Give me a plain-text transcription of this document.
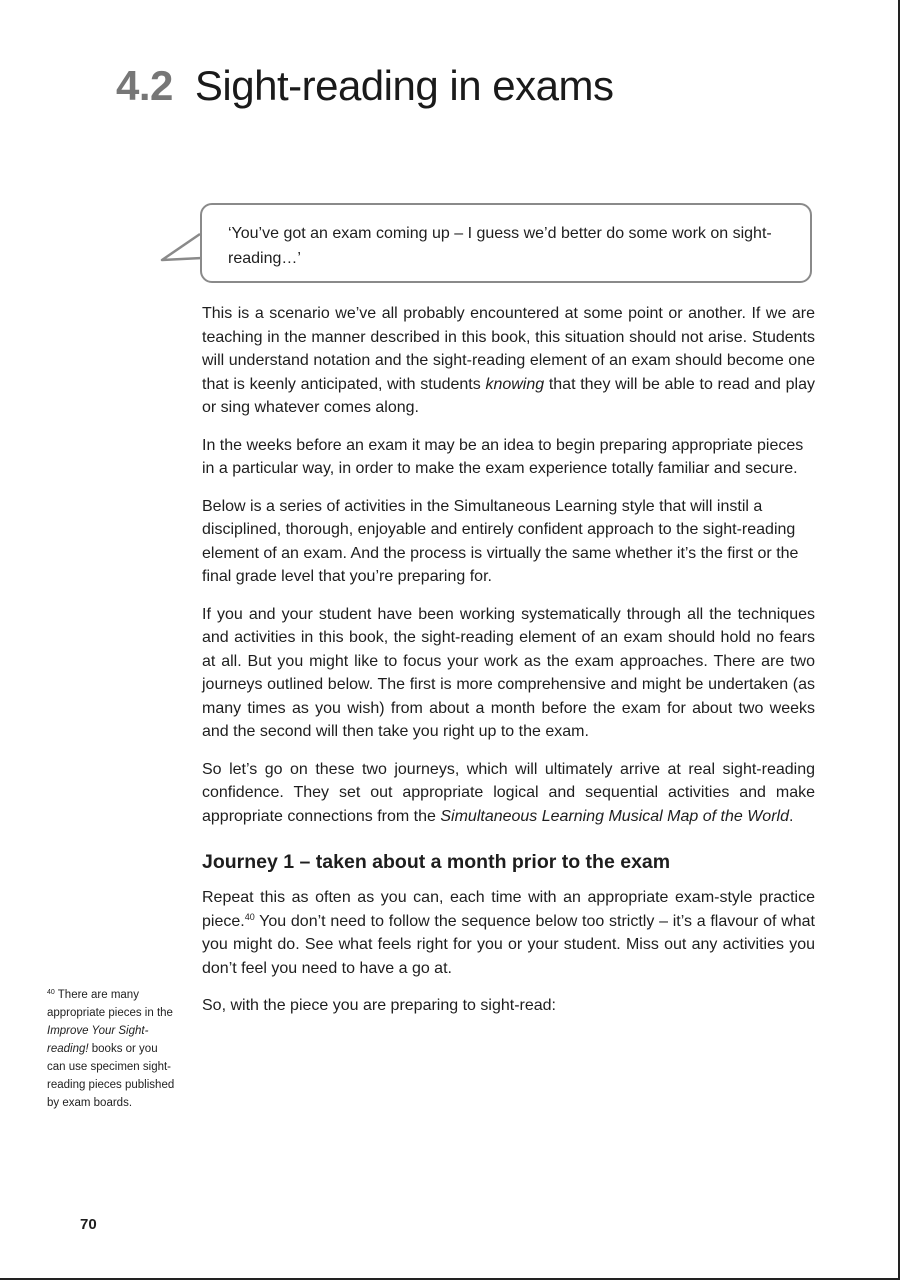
4.2 Sight-reading in exams
‘You’ve got an exam coming up – I guess we’d better do some work on sight-reading…’

This is a scenario we’ve all probably encountered at some point or another. If we are teaching in the manner described in this book, this situation should not arise. Students will understand notation and the sight-reading element of an exam should become one that is keenly anticipated, with students knowing that they will be able to read and play or sing whatever comes along.

In the weeks before an exam it may be an idea to begin preparing appropriate pieces in a particular way, in order to make the exam experience totally familiar and secure.

Below is a series of activities in the Simultaneous Learning style that will instil a disciplined, thorough, enjoyable and entirely confident approach to the sight-reading element of an exam. And the process is virtually the same whether it’s the first or the final grade level that you’re preparing for.

If you and your student have been working systematically through all the techniques and activities in this book, the sight-reading element of an exam should hold no fears at all. But you might like to focus your work as the exam approaches. There are two journeys outlined below. The first is more comprehensive and might be undertaken (as many times as you wish) from about a month before the exam for about two weeks and the second will then take you right up to the exam.

So let’s go on these two journeys, which will ultimately arrive at real sight-reading confidence. They set out appropriate logical and sequential activities and make appropriate connections from the Simultaneous Learning Musical Map of the World.

Journey 1 – taken about a month prior to the exam

Repeat this as often as you can, each time with an appropriate exam-style practice piece.$^{40}$ You don’t need to follow the sequence below too strictly – it’s a flavour of what you might do. See what feels right for you or your student. Miss out any activities you don’t feel you need to have a go at.

So, with the piece you are preparing to sight-read:

$^{40}$ There are many appropriate pieces in the Improve Your Sight-reading! books or you can use specimen sight-reading pieces published by exam boards.
70
